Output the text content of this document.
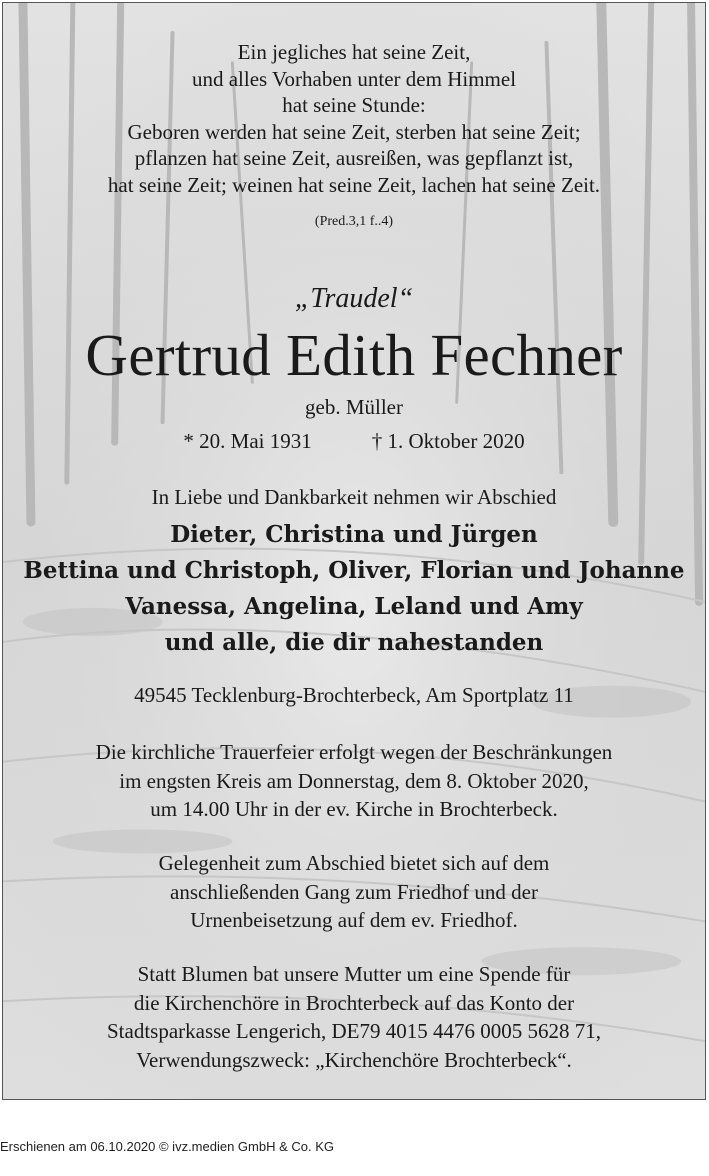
Ein jegliches hat seine Zeit,
und alles Vorhaben unter dem Himmel
hat seine Stunde:
Geboren werden hat seine Zeit, sterben hat seine Zeit;
pflanzen hat seine Zeit, ausreißen, was gepflanzt ist,
hat seine Zeit; weinen hat seine Zeit, lachen hat seine Zeit.
(Pred.3,1 f..4)
„Traudel“
Gertrud Edith Fechner
geb. Müller
* 20. Mai 1931	† 1. Oktober 2020
In Liebe und Dankbarkeit nehmen wir Abschied
Dieter, Christina und Jürgen
Bettina und Christoph, Oliver, Florian und Johanne
Vanessa, Angelina, Leland und Amy
und alle, die dir nahestanden
49545 Tecklenburg-Brochterbeck, Am Sportplatz 11
Die kirchliche Trauerfeier erfolgt wegen der Beschränkungen
im engsten Kreis am Donnerstag, dem 8. Oktober 2020,
um 14.00 Uhr in der ev. Kirche in Brochterbeck.
Gelegenheit zum Abschied bietet sich auf dem
anschließenden Gang zum Friedhof und der
Urnenbeisetzung auf dem ev. Friedhof.
Statt Blumen bat unsere Mutter um eine Spende für
die Kirchenchöre in Brochterbeck auf das Konto der
Stadtsparkasse Lengerich, DE79 4015 4476 0005 5628 71,
Verwendungszweck: „Kirchenchöre Brochterbeck“.
Erschienen am 06.10.2020 © ivz.medien GmbH & Co. KG
